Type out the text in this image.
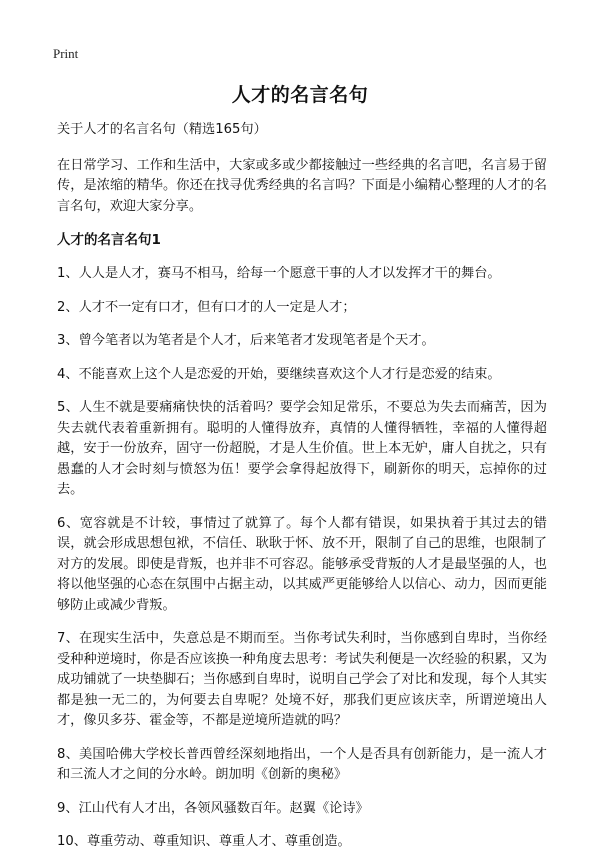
Print
人才的名言名句

关于人才的名言名句（精选165句）

在日常学习、工作和生活中，大家或多或少都接触过一些经典的名言吧，名言易于留传，是浓缩的精华。你还在找寻优秀经典的名言吗？下面是小编精心整理的人才的名言名句，欢迎大家分享。

人才的名言名句1

1、人人是人才，赛马不相马，给每一个愿意干事的人才以发挥才干的舞台。

2、人才不一定有口才，但有口才的人一定是人才；

3、曾今笔者以为笔者是个人才，后来笔者才发现笔者是个天才。

4、不能喜欢上这个人是恋爱的开始，要继续喜欢这个人才行是恋爱的结束。

5、人生不就是要痛痛快快的活着吗？要学会知足常乐，不要总为失去而痛苦，因为失去就代表着重新拥有。聪明的人懂得放弃，真情的人懂得牺牲，幸福的人懂得超越，安于一份放弃，固守一份超脱，才是人生价值。世上本无妒，庸人自扰之，只有愚蠢的人才会时刻与愤怒为伍！要学会拿得起放得下，刷新你的明天，忘掉你的过去。

6、宽容就是不计较，事情过了就算了。每个人都有错误，如果执着于其过去的错误，就会形成思想包袱，不信任、耿耿于怀、放不开，限制了自己的思维，也限制了对方的发展。即使是背叛，也并非不可容忍。能够承受背叛的人才是最坚强的人，也将以他坚强的心态在氛围中占据主动，以其威严更能够给人以信心、动力，因而更能够防止或减少背叛。

7、在现实生活中，失意总是不期而至。当你考试失利时，当你感到自卑时，当你经受种种逆境时，你是否应该换一种角度去思考：考试失利便是一次经验的积累，又为成功铺就了一块垫脚石；当你感到自卑时，说明自己学会了对比和发现，每个人其实都是独一无二的，为何要去自卑呢？处境不好，那我们更应该庆幸，所谓逆境出人才，像贝多芬、霍金等，不都是逆境所造就的吗？

8、美国哈佛大学校长普西曾经深刻地指出，一个人是否具有创新能力，是一流人才和三流人才之间的分水岭。朗加明《创新的奥秘》

9、江山代有人才出，各领风骚数百年。赵翼《论诗》

10、尊重劳动、尊重知识、尊重人才、尊重创造。
